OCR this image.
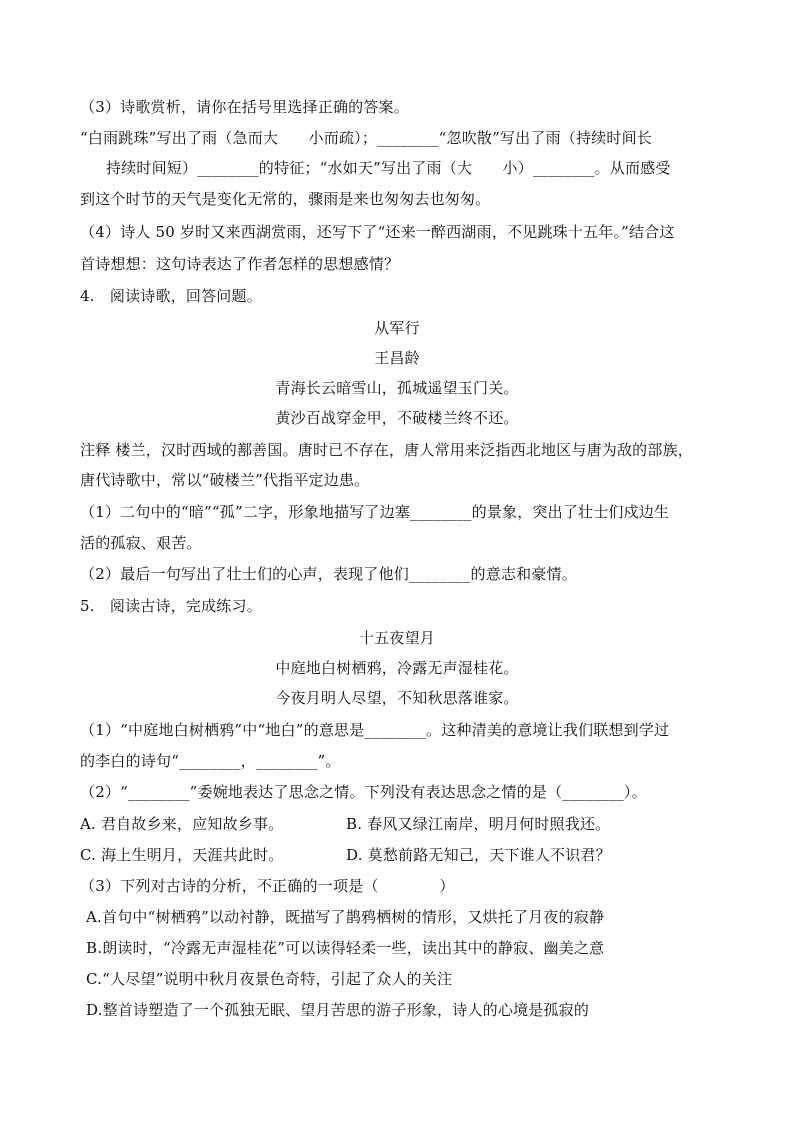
（3）诗歌赏析，请你在括号里选择正确的答案。
“白雨跳珠”写出了雨（急而大　　小而疏）；________“忽吹散”写出了雨（持续时间长
持续时间短）________的特征；“水如天”写出了雨（大　　小）________。从而感受
到这个时节的天气是变化无常的，骤雨是来也匆匆去也匆匆。
（4）诗人 50 岁时又来西湖赏雨，还写下了“还来一醉西湖雨，不见跳珠十五年。”结合这
首诗想想：这句诗表达了作者怎样的思想感情？
4.　阅读诗歌，回答问题。
从军行
王昌龄
青海长云暗雪山，孤城遥望玉门关。
黄沙百战穿金甲，不破楼兰终不还。
注释 楼兰，汉时西域的鄯善国。唐时已不存在，唐人常用来泛指西北地区与唐为敌的部族，
唐代诗歌中，常以“破楼兰”代指平定边患。
（1）二句中的“暗”“孤”二字，形象地描写了边塞________的景象，突出了壮士们戍边生
活的孤寂、艰苦。
（2）最后一句写出了壮士们的心声，表现了他们________的意志和豪情。
5.　阅读古诗，完成练习。
十五夜望月
中庭地白树栖鸦，冷露无声湿桂花。
今夜月明人尽望，不知秋思落谁家。
（1）“中庭地白树栖鸦”中“地白”的意思是________。这种清美的意境让我们联想到学过
的李白的诗句“________，________”。
（2）“________”委婉地表达了思念之情。下列没有表达思念之情的是（________）。
A. 君自故乡来，应知故乡事。	B. 春风又绿江南岸，明月何时照我还。
C. 海上生明月，天涯共此时。	D. 莫愁前路无知己，天下谁人不识君？
（3）下列对古诗的分析，不正确的一项是（　　　　）
A.首句中“树栖鸦”以动衬静，既描写了鹊鸦栖树的情形，又烘托了月夜的寂静
B.朗读时，“冷露无声湿桂花”可以读得轻柔一些，读出其中的静寂、幽美之意
C.“人尽望”说明中秋月夜景色奇特，引起了众人的关注
D.整首诗塑造了一个孤独无眠、望月苦思的游子形象，诗人的心境是孤寂的
